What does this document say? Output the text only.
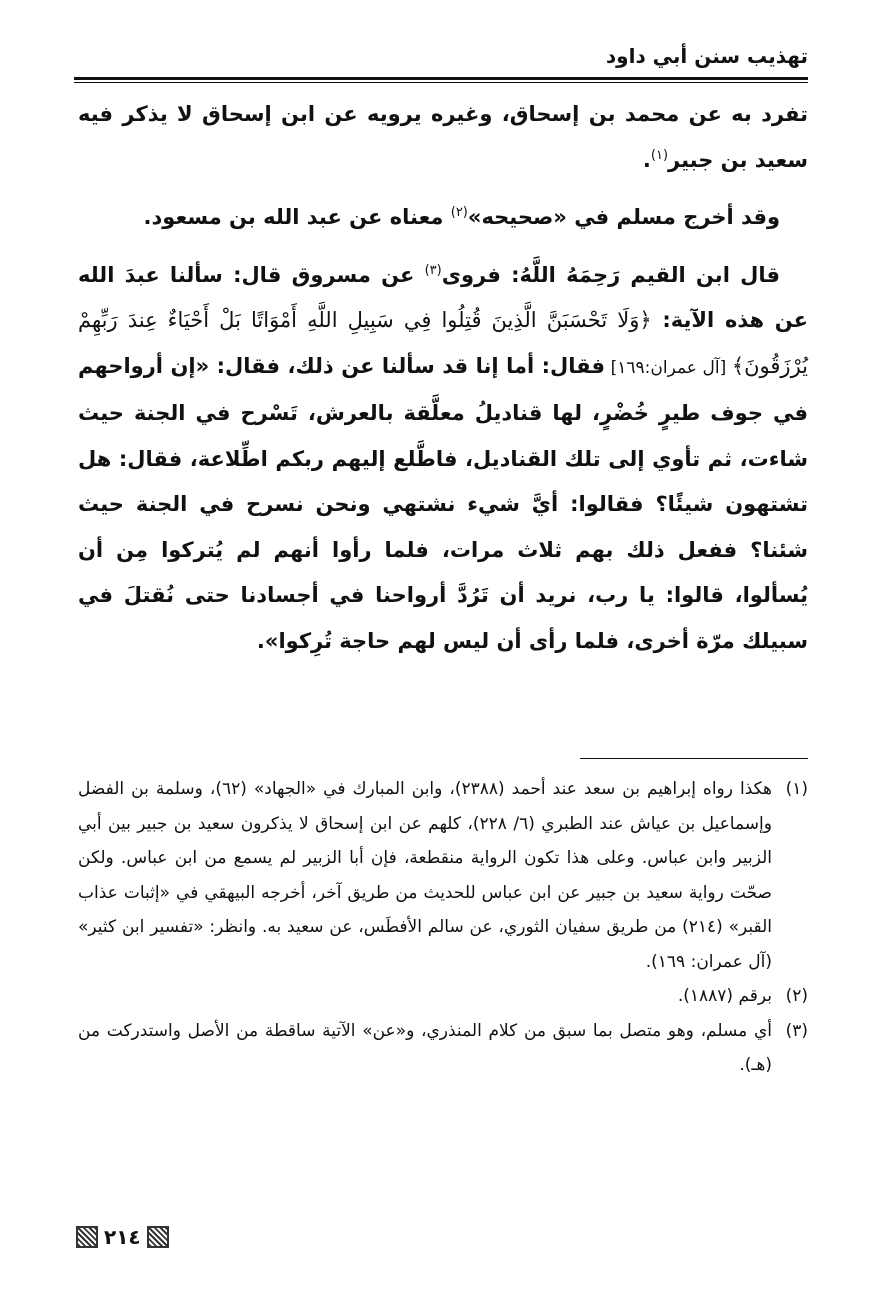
تهذيب سنن أبي داود

تفرد به عن محمد بن إسحاق، وغيره يرويه عن ابن إسحاق لا يذكر فيه سعيد بن جبير$^{(١)}$.

وقد أخرج مسلم في «صحيحه»$^{(٢)}$ معناه عن عبد الله بن مسعود.

قال ابن القيم رَحِمَهُ اللَّهُ: فروى$^{(٣)}$ عن مسروق قال: سألنا عبدَ الله عن هذه الآية: ﴿وَلَا تَحْسَبَنَّ الَّذِينَ قُتِلُوا فِي سَبِيلِ اللَّهِ أَمْوَاتًا بَلْ أَحْيَاءٌ عِندَ رَبِّهِمْ يُرْزَقُونَ﴾ [آل عمران:١٦٩] فقال: أما إنا قد سألنا عن ذلك، فقال: «إن أرواحهم في جوف طيرٍ خُضْرٍ، لها قناديلُ معلَّقة بالعرش، تَسْرح في الجنة حيث شاءت، ثم تأوي إلى تلك القناديل، فاطَّلع إليهم ربكم اطِّلاعة، فقال: هل تشتهون شيئًا؟ فقالوا: أيَّ شيء نشتهي ونحن نسرح في الجنة حيث شئنا؟ ففعل ذلك بهم ثلاث مرات، فلما رأوا أنهم لم يُتركوا مِن أن يُسألوا، قالوا: يا رب، نريد أن تَرُدَّ أرواحنا في أجسادنا حتى نُقتلَ في سبيلك مرّة أخرى، فلما رأى أن ليس لهم حاجة تُرِكوا».

(١)
هكذا رواه إبراهيم بن سعد عند أحمد (٢٣٨٨)، وابن المبارك في «الجهاد» (٦٢)، وسلمة بن الفضل وإسماعيل بن عياش عند الطبري (٦/ ٢٢٨)، كلهم عن ابن إسحاق لا يذكرون سعيد بن جبير بين أبي الزبير وابن عباس. وعلى هذا تكون الرواية منقطعة، فإن أبا الزبير لم يسمع من ابن عباس. ولكن صحّت رواية سعيد بن جبير عن ابن عباس للحديث من طريق آخر، أخرجه البيهقي في «إثبات عذاب القبر» (٢١٤) من طريق سفيان الثوري، عن سالم الأفطَس، عن سعيد به. وانظر: «تفسير ابن كثير» (آل عمران: ١٦٩).
(٢)
برقم (١٨٨٧).
(٣)
أي مسلم، وهو متصل بما سبق من كلام المنذري، و«عن» الآتية ساقطة من الأصل واستدركت من (هـ).
٢١٤
